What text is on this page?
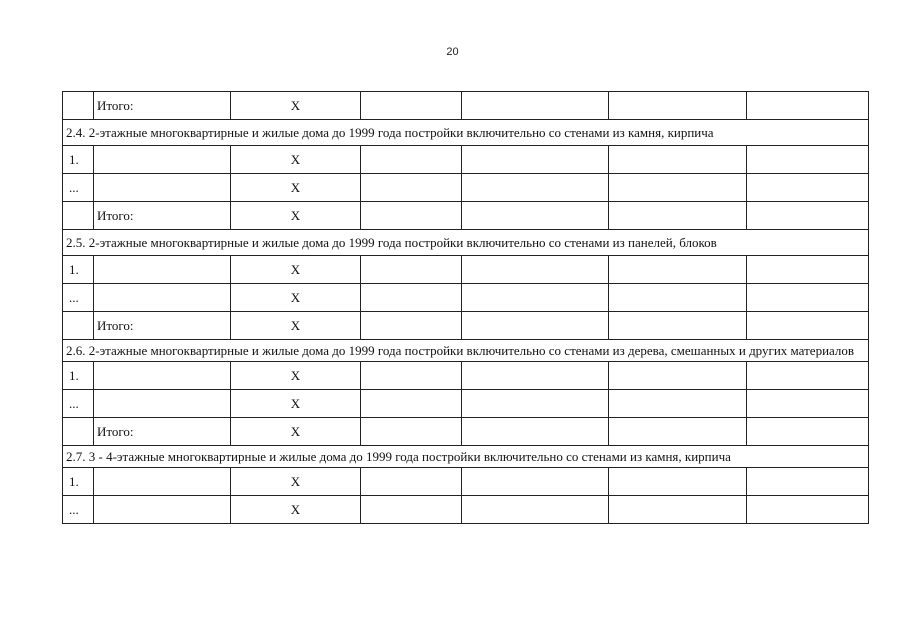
20
	Итого:	X				
2.4. 2-этажные многоквартирные и жилые дома до 1999 года постройки включительно со стенами из камня, кирпича						
1.		X				
...		X				
	Итого:	X				
2.5. 2-этажные многоквартирные и жилые дома до 1999 года постройки включительно со стенами из панелей, блоков						
1.		X				
...		X				
	Итого:	X				
2.6. 2-этажные многоквартирные и жилые дома до 1999 года постройки включительно со стенами из дерева, смешанных и других материалов						
1.		X				
...		X				
	Итого:	X				
2.7. 3 - 4-этажные многоквартирные и жилые дома до 1999 года постройки включительно со стенами из камня, кирпича						
1.		X				
...		X				
